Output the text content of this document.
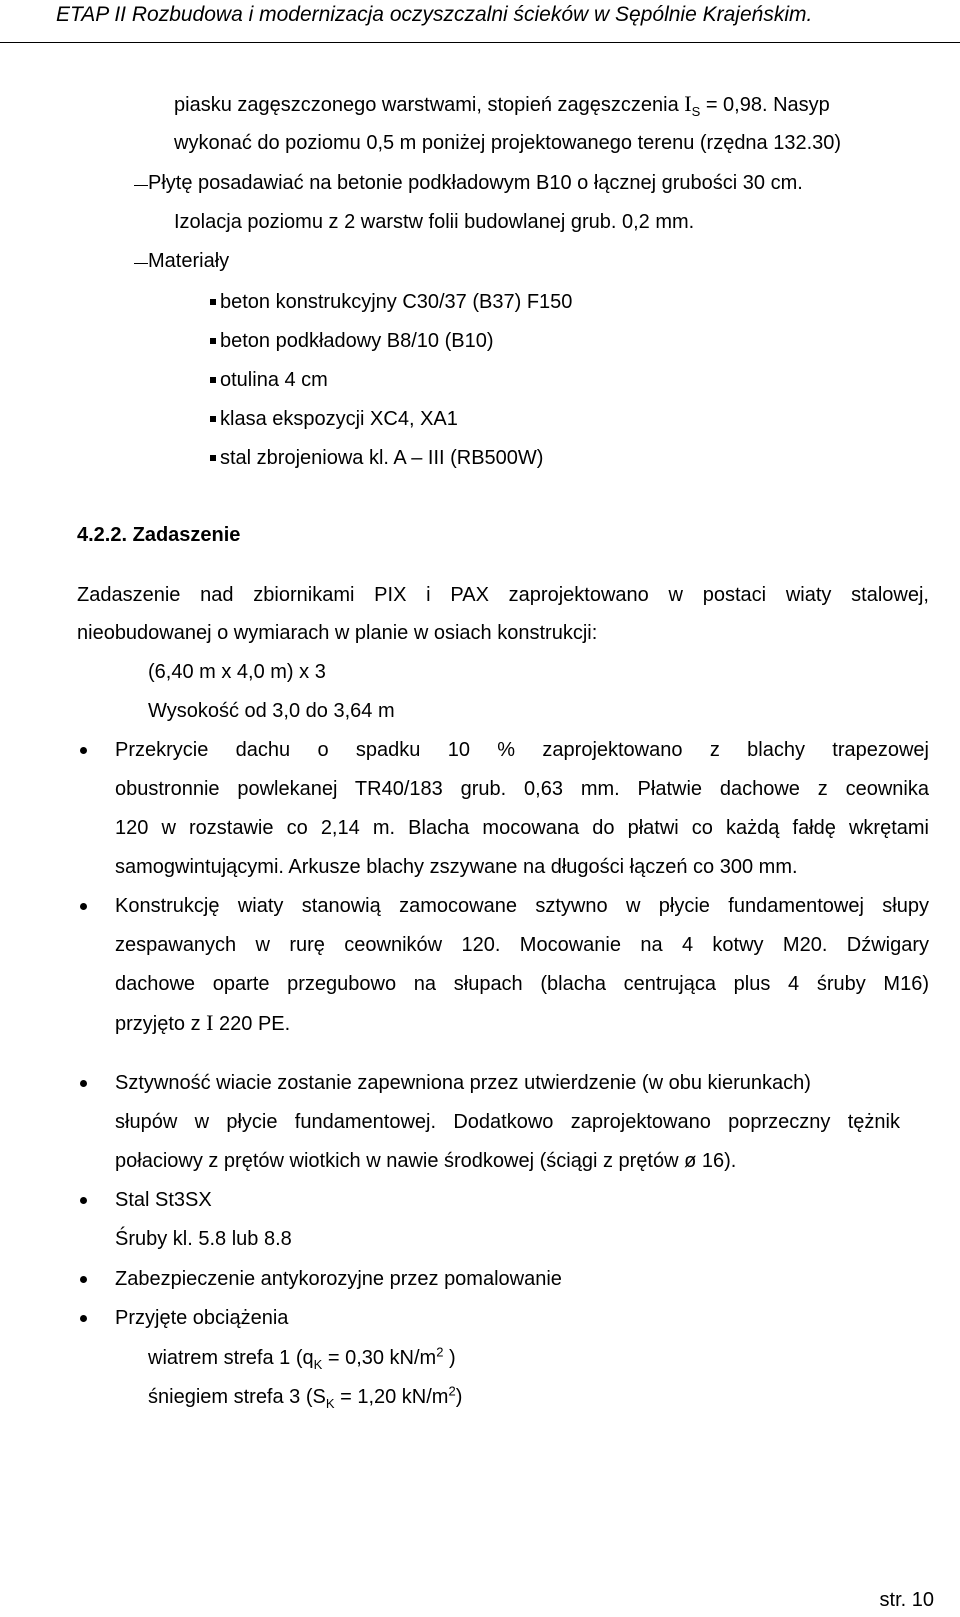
ETAP II Rozbudowa i modernizacja oczyszczalni ścieków w Sępólnie Krajeńskim.
piasku zagęszczonego warstwami, stopień zagęszczenia $I_S = 0,98$. Nasyp
wykonać do poziomu 0,5 m poniżej projektowanego terenu (rzędna 132.30)
Płytę posadawiać na betonie podkładowym B10 o łącznej grubości 30 cm.
Izolacja poziomu z 2 warstw folii budowlanej grub. 0,2 mm.
Materiały
beton konstrukcyjny C30/37 (B37) F150
beton podkładowy B8/10 (B10)
otulina 4 cm
klasa ekspozycji XC4, XA1
stal zbrojeniowa kl. A – III (RB500W)
4.2.2. Zadaszenie
Zadaszenie nad zbiornikami PIX i PAX zaprojektowano w postaci wiaty stalowej,
nieobudowanej o wymiarach w planie w osiach konstrukcji:
(6,40 m x 4,0 m) x 3
Wysokość od 3,0 do 3,64 m
Przekrycie dachu o spadku 10 % zaprojektowano z blachy trapezowej
obustronnie powlekanej TR40/183 grub. 0,63 mm. Płatwie dachowe z ceownika
120 w rozstawie co 2,14 m. Blacha mocowana do płatwi co każdą fałdę wkrętami
samogwintującymi. Arkusze blachy zszywane na długości łączeń co 300 mm.
Konstrukcję wiaty stanowią zamocowane sztywno w płycie fundamentowej słupy
zespawanych w rurę ceowników 120. Mocowanie na 4 kotwy M20. Dźwigary
dachowe oparte przegubowo na słupach (blacha centrująca plus 4 śruby M16)
przyjęto z I 220 PE.
Sztywność wiacie zostanie zapewniona przez utwierdzenie (w obu kierunkach)
słupów w płycie fundamentowej. Dodatkowo zaprojektowano poprzeczny tężnik
połaciowy z prętów wiotkich w nawie środkowej (ściągi z prętów ø 16).
Stal St3SX
Śruby kl. 5.8 lub 8.8
Zabezpieczenie antykorozyjne przez pomalowanie
Przyjęte obciążenia
wiatrem strefa 1 ($q_K = 0,30$ $kN/m^2$ )
śniegiem strefa 3 ($S_K = 1,20$ $kN/m^2$)
str. 10
